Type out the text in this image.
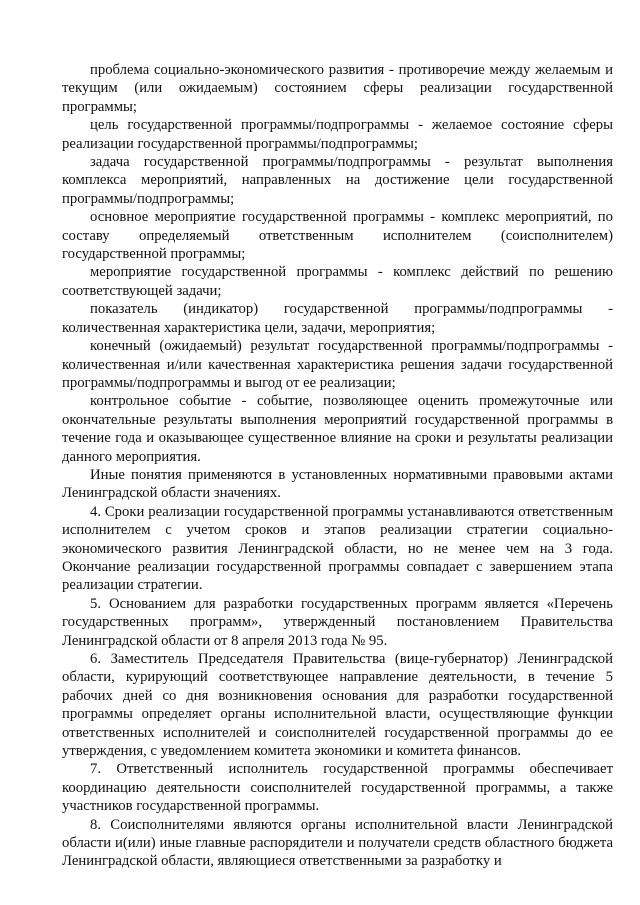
проблема социально-экономического развития - противоречие между желаемым и текущим (или ожидаемым) состоянием сферы реализации государственной программы;

цель государственной программы/подпрограммы - желаемое состояние сферы реализации государственной программы/подпрограммы;

задача государственной программы/подпрограммы - результат выполнения комплекса мероприятий, направленных на достижение цели государственной программы/подпрограммы;

основное мероприятие государственной программы - комплекс мероприятий, по составу определяемый ответственным исполнителем (соисполнителем) государственной программы;

мероприятие государственной программы - комплекс действий по решению соответствующей задачи;

показатель (индикатор) государственной программы/подпрограммы - количественная характеристика цели, задачи, мероприятия;

конечный (ожидаемый) результат государственной программы/подпрограммы - количественная и/или качественная характеристика решения задачи государственной программы/подпрограммы и выгод от ее реализации;

контрольное событие - событие, позволяющее оценить промежуточные или окончательные результаты выполнения мероприятий государственной программы в течение года и оказывающее существенное влияние на сроки и результаты реализации данного мероприятия.

Иные понятия применяются в установленных нормативными правовыми актами Ленинградской области значениях.

4. Сроки реализации государственной программы устанавливаются ответственным исполнителем с учетом сроков и этапов реализации стратегии социально-экономического развития Ленинградской области, но не менее чем на 3 года. Окончание реализации государственной программы совпадает с завершением этапа реализации стратегии.

5. Основанием для разработки государственных программ является «Перечень государственных программ», утвержденный постановлением Правительства Ленинградской области от 8 апреля 2013 года № 95.

6. Заместитель Председателя Правительства (вице-губернатор) Ленинградской области, курирующий соответствующее направление деятельности, в течение 5 рабочих дней со дня возникновения основания для разработки государственной программы определяет органы исполнительной власти, осуществляющие функции ответственных исполнителей и соисполнителей государственной программы до ее утверждения, с уведомлением комитета экономики и комитета финансов.

7. Ответственный исполнитель государственной программы обеспечивает координацию деятельности соисполнителей государственной программы, а также участников государственной программы.

8. Соисполнителями являются органы исполнительной власти Ленинградской области и(или) иные главные распорядители и получатели средств областного бюджета Ленинградской области, являющиеся ответственными за разработку и
